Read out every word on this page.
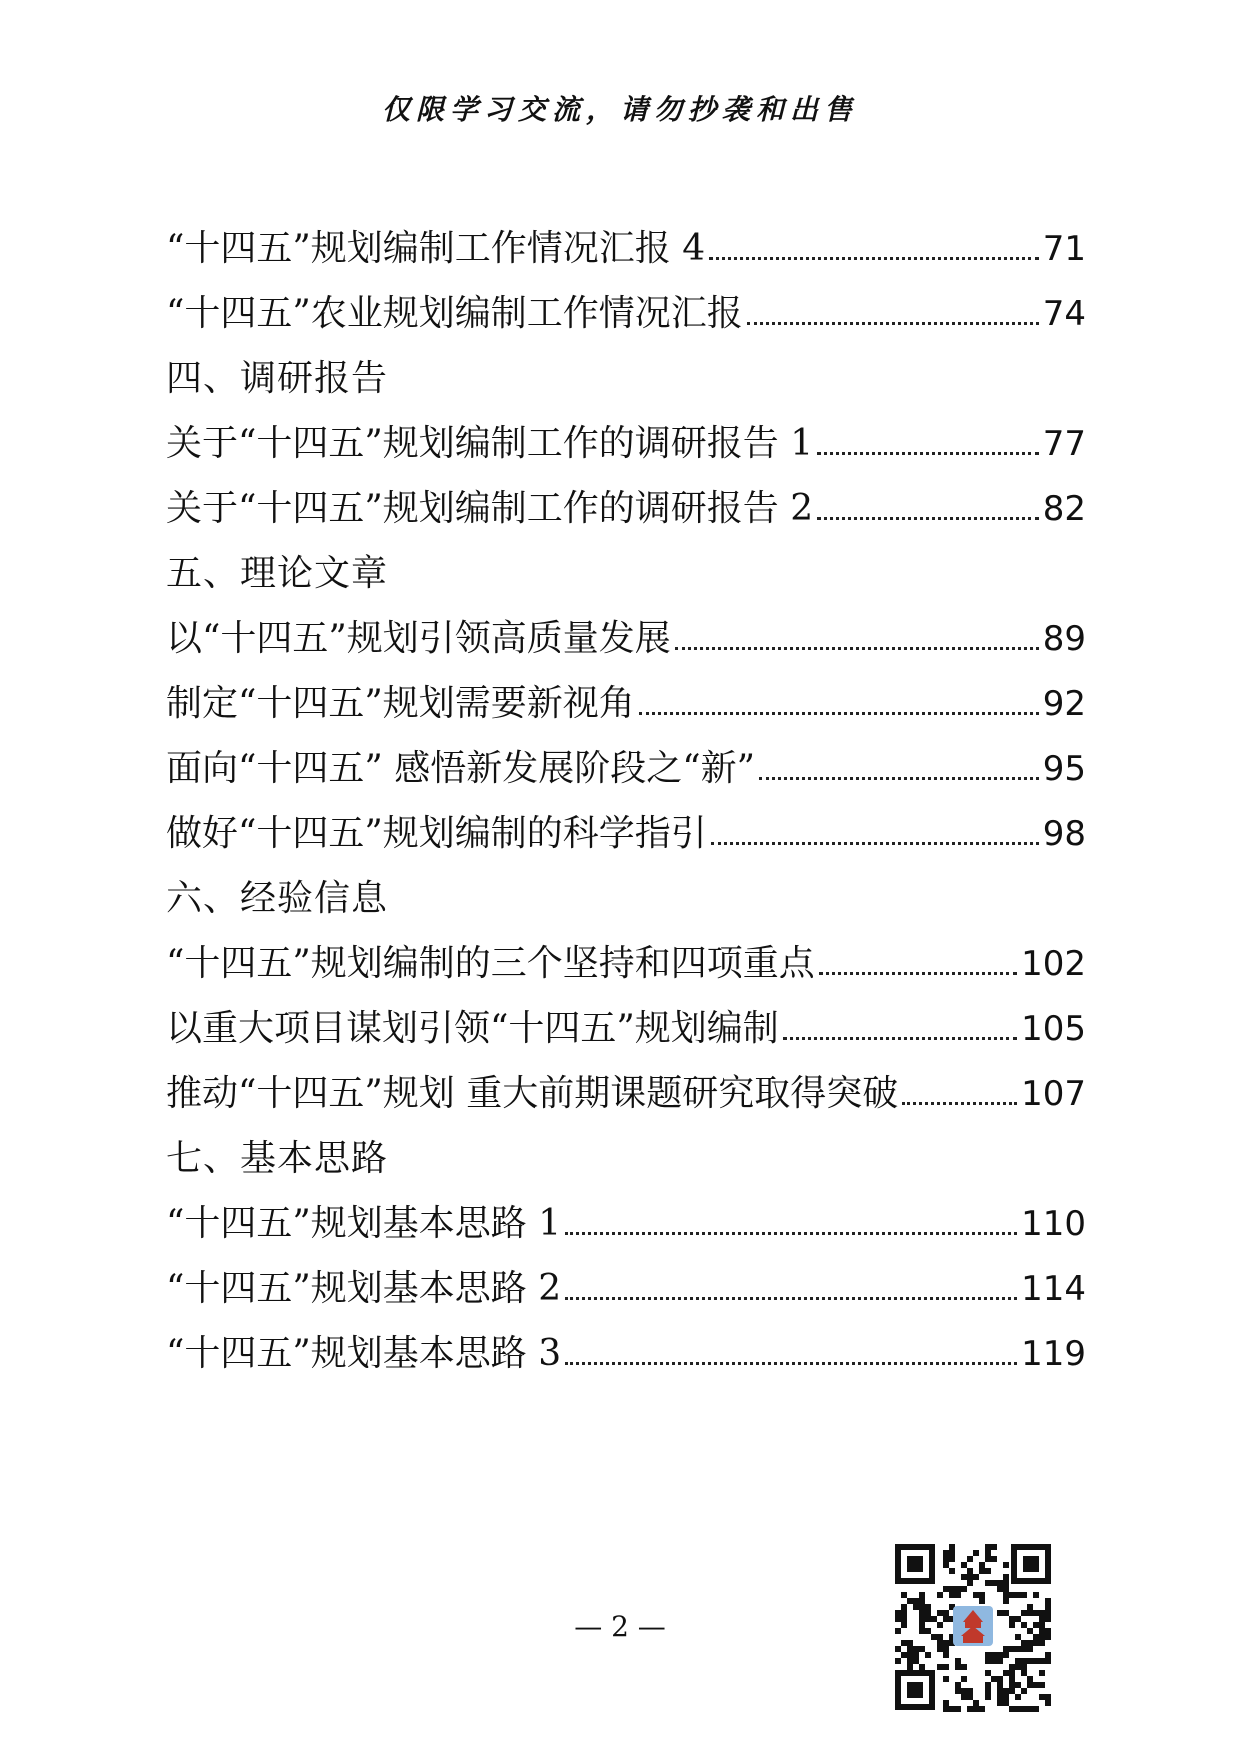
仅限学习交流，请勿抄袭和出售
“十四五”规划编制工作情况汇报 4	71
“十四五”农业规划编制工作情况汇报	74
四、调研报告
关于“十四五”规划编制工作的调研报告 1	77
关于“十四五”规划编制工作的调研报告 2	82
五、理论文章
以“十四五”规划引领高质量发展	89
制定“十四五”规划需要新视角	92
面向“十四五” 感悟新发展阶段之“新”	95
做好“十四五”规划编制的科学指引	98
六、经验信息
“十四五”规划编制的三个坚持和四项重点	102
以重大项目谋划引领“十四五”规划编制	105
推动“十四五”规划 重大前期课题研究取得突破	107
七、基本思路
“十四五”规划基本思路 1	110
“十四五”规划基本思路 2	114
“十四五”规划基本思路 3	119
— 2 —
